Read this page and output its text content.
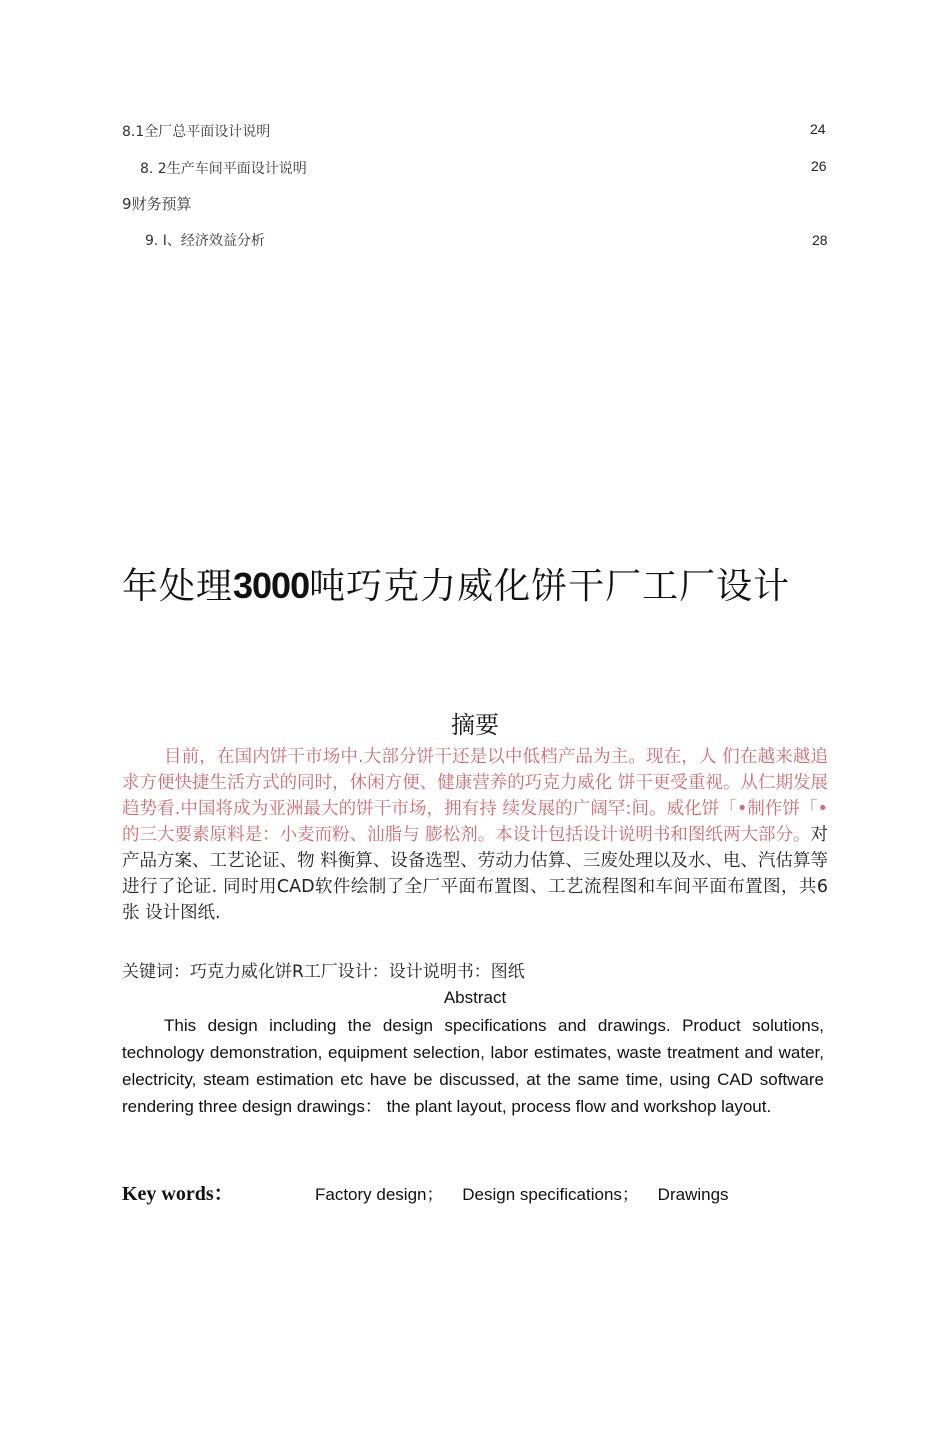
8.1全厂总平面设计说明	24
8. 2生产车间平面设计说明	26
9财务预算
9. I、经济效益分析	28
年处理3000吨巧克力威化饼干厂工厂设计
摘要
目前，在国内饼干市场中.大部分饼干还是以中低档产品为主。现在，人 们在越来越追求方便快捷生活方式的同时，休闲方便、健康营养的巧克力威化 饼干更受重视。从仁期发展趋势看.中国将成为亚洲最大的饼干市场，拥有持 续发展的广阔罕:间。威化饼「•制作饼「•的三大要素原料是：小麦而粉、汕脂与 膨松剂。本设计包括设计说明书和图纸两大部分。对产品方案、工艺论证、物 料衡算、设备选型、劳动力估算、三废处理以及水、电、汽估算等进行了论证. 同时用CAD软件绘制了全厂平面布置图、工艺流程图和车间平面布置图，共6张 设计图纸.
关键词：巧克力威化饼R工厂设计：设计说明书：图纸
Abstract
This design including the design specifications and drawings. Product solutions, technology demonstration, equipment selection, labor estimates, waste treatment and water, electricity, steam estimation etc have be discussed, at the same time, using CAD software rendering three design drawings： the plant layout, process flow and workshop layout.
Key words：	Factory design； Design specifications； Drawings
